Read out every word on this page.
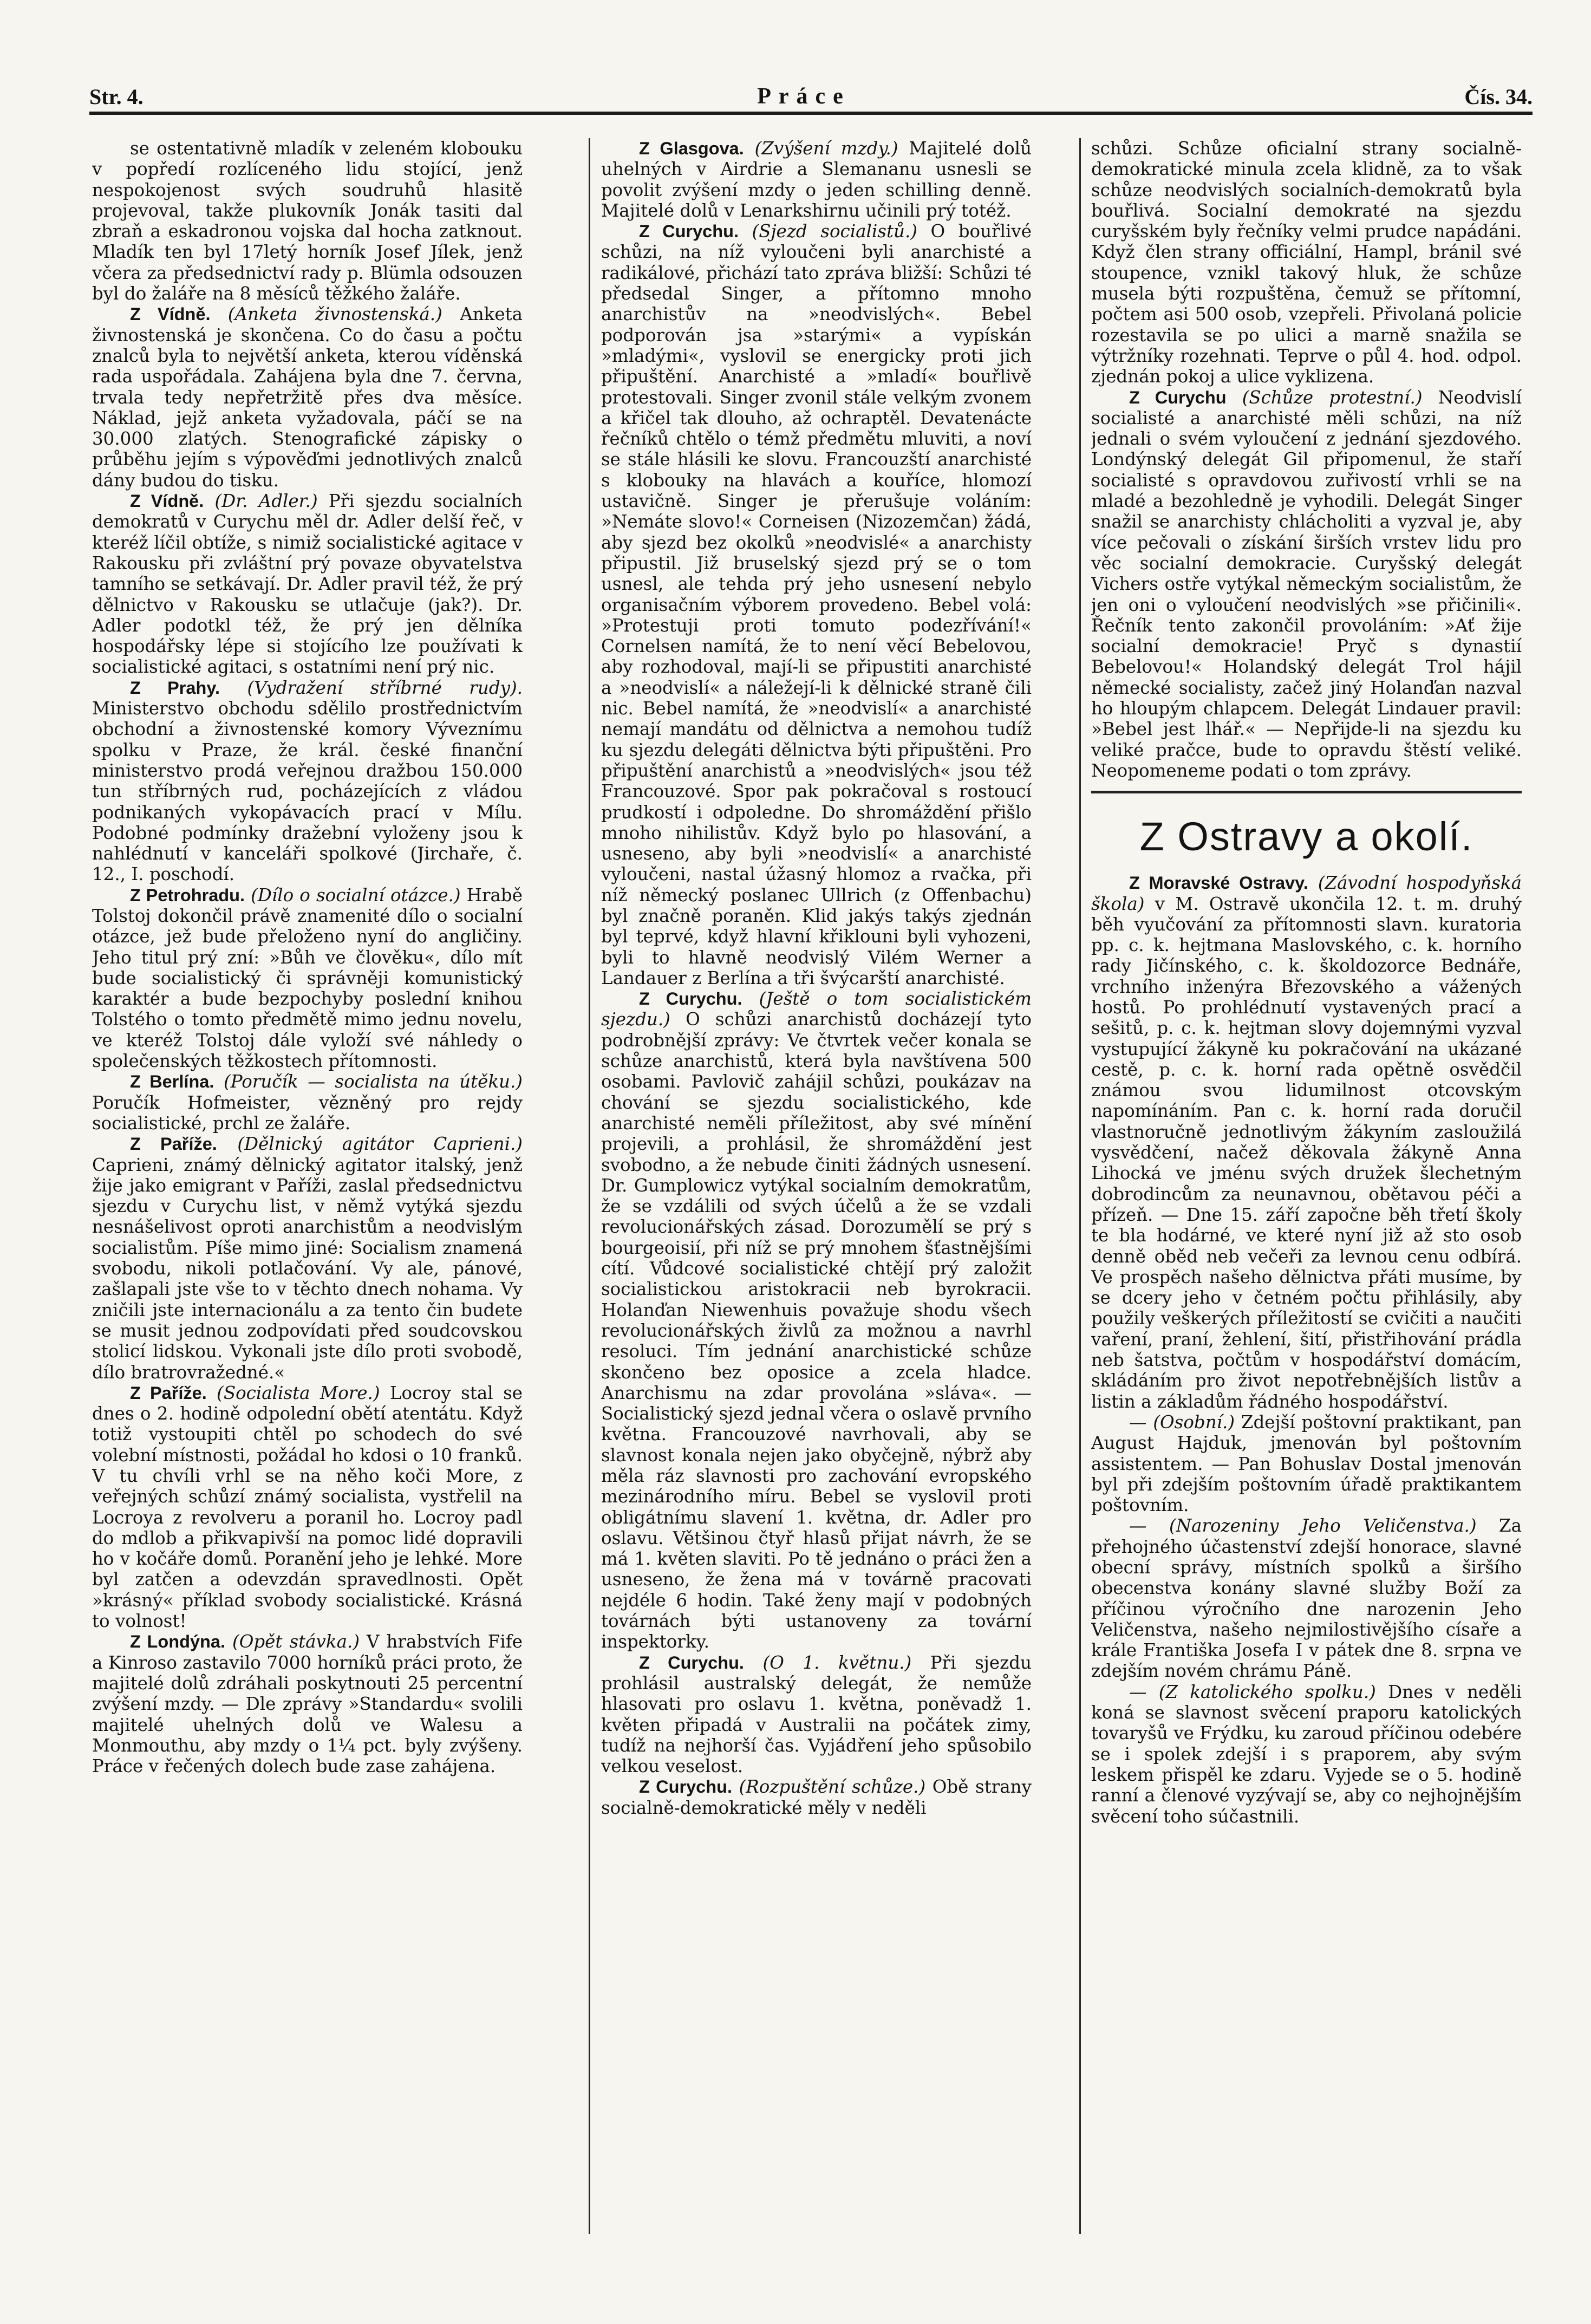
Str. 4.	Práce	Čís. 34.

se ostentativně mladík v zeleném klobouku v popředí rozlíceného lidu stojící, jenž nespokojenost svých soudruhů hlasitě projevoval, takže plukovník Jonák tasiti dal zbraň a eskadronou vojska dal hocha zatknout. Mladík ten byl 17letý horník Josef Jílek, jenž včera za předsednictví rady p. Blümla odsouzen byl do žaláře na 8 měsíců těžkého žaláře.

Z Vídně. (Anketa živnostenská.) Anketa živnostenská je skončena. Co do času a počtu znalců byla to největší anketa, kterou víděnská rada uspořádala. Zahájena byla dne 7. června, trvala tedy nepřetržitě přes dva měsíce. Náklad, jejž anketa vyžadovala, páčí se na 30.000 zlatých. Stenografické zápisky o průběhu jejím s výpověďmi jednotlivých znalců dány budou do tisku.

Z Vídně. (Dr. Adler.) Při sjezdu socialních demokratů v Curychu měl dr. Adler delší řeč, v kteréž líčil obtíže, s nimiž socialistické agitace v Rakousku při zvláštní prý povaze obyvatelstva tamního se setkávají. Dr. Adler pravil též, že prý dělnictvo v Rakousku se utlačuje (jak?). Dr. Adler podotkl též, že prý jen dělníka hospodářsky lépe si stojícího lze používati k socialistické agitaci, s ostatními není prý nic.

Z Prahy. (Vydražení stříbrné rudy). Ministerstvo obchodu sdělilo prostřednictvím obchodní a živnostenské komory Výveznímu spolku v Praze, že král. české finanční ministerstvo prodá veřejnou dražbou 150.000 tun stříbrných rud, pocházejících z vládou podnikaných vykopávacích prací v Mílu. Podobné podmínky dražební vyloženy jsou k nahlédnutí v kanceláři spolkové (Jirchaře, č. 12., I. poschodí.

Z Petrohradu. (Dílo o socialní otázce.) Hrabě Tolstoj dokončil právě znamenité dílo o socialní otázce, jež bude přeloženo nyní do angličiny. Jeho titul prý zní: »Bůh ve člověku«, dílo mít bude socialistický či správněji komunistický karaktér a bude bezpochyby poslední knihou Tolstého o tomto předmětě mimo jednu novelu, ve kteréž Tolstoj dále vyloží své náhledy o společenských těžkostech přítomnosti.

Z Berlína. (Poručík — socialista na útěku.) Poručík Hofmeister, vězněný pro rejdy socialistické, prchl ze žaláře.

Z Paříže. (Dělnický agitátor Caprieni.) Caprieni, známý dělnický agitator italský, jenž žije jako emigrant v Paříži, zaslal předsednictvu sjezdu v Curychu list, v němž vytýká sjezdu nesnášelivost oproti anarchistům a neodvislým socialistům. Píše mimo jiné: Socialism znamená svobodu, nikoli potlačování. Vy ale, pánové, zašlapali jste vše to v těchto dnech nohama. Vy zničili jste internacionálu a za tento čin budete se musit jednou zodpovídati před soudcovskou stolicí lidskou. Vykonali jste dílo proti svobodě, dílo bratrovražedné.«

Z Paříže. (Socialista More.) Locroy stal se dnes o 2. hodině odpolední obětí atentátu. Když totiž vystoupiti chtěl po schodech do své volební místnosti, požádal ho kdosi o 10 franků. V tu chvíli vrhl se na něho koči More, z veřejných schůzí známý socialista, vystřelil na Locroya z revolveru a poranil ho. Locroy padl do mdlob a přikvapivší na pomoc lidé dopravili ho v kočáře domů. Poranění jeho je lehké. More byl zatčen a odevzdán spravedlnosti. Opět »krásný« příklad svobody socialistické. Krásná to volnost!

Z Londýna. (Opět stávka.) V hrabstvích Fife a Kinroso zastavilo 7000 horníků práci proto, že majitelé dolů zdráhali poskytnouti 25 percentní zvýšení mzdy. — Dle zprávy »Standardu« svolili majitelé uhelných dolů ve Walesu a Monmouthu, aby mzdy o 1¼ pct. byly zvýšeny. Práce v řečených dolech bude zase zahájena.

Z Glasgova. (Zvýšení mzdy.) Majitelé dolů uhelných v Airdrie a Slemananu usnesli se povolit zvýšení mzdy o jeden schilling denně. Majitelé dolů v Lenarkshirnu učinili prý totéž.

Z Curychu. (Sjezd socialistů.) O bouřlivé schůzi, na níž vyloučeni byli anarchisté a radikálové, přichází tato zpráva bližší: Schůzi té předsedal Singer, a přítomno mnoho anarchistův na »neodvislých«. Bebel podporován jsa »starými« a vypískán »mladými«, vyslovil se energicky proti jich připuštění. Anarchisté a »mladí« bouřlivě protestovali. Singer zvonil stále velkým zvonem a křičel tak dlouho, až ochraptěl. Devatenácte řečníků chtělo o témž předmětu mluviti, a noví se stále hlásili ke slovu. Francouzští anarchisté s klobouky na hlavách a kouříce, hlomozí ustavičně. Singer je přerušuje voláním: »Nemáte slovo!« Corneisen (Nizozemčan) žádá, aby sjezd bez okolků »neodvislé« a anarchisty připustil. Již bruselský sjezd prý se o tom usnesl, ale tehda prý jeho usnesení nebylo organisačním výborem provedeno. Bebel volá: »Protestuji proti tomuto podezřívání!« Cornelsen namítá, že to není věcí Bebelovou, aby rozhodoval, mají-li se připustiti anarchisté a »neodvislí« a náležejí-li k dělnické straně čili nic. Bebel namítá, že »neodvislí« a anarchisté nemají mandátu od dělnictva a nemohou tudíž ku sjezdu delegáti dělnictva býti připuštěni. Pro připuštění anarchistů a »neodvislých« jsou též Francouzové. Spor pak pokračoval s rostoucí prudkostí i odpoledne. Do shromáždění přišlo mnoho nihilistův. Když bylo po hlasování, a usneseno, aby byli »neodvislí« a anarchisté vyloučeni, nastal úžasný hlomoz a rvačka, při níž německý poslanec Ullrich (z Offenbachu) byl značně poraněn. Klid jakýs takýs zjednán byl teprvé, když hlavní křiklouni byli vyhozeni, byli to hlavně neodvislý Vilém Werner a Landauer z Berlína a tři švýcarští anarchisté.

Z Curychu. (Ještě o tom socialistickém sjezdu.) O schůzi anarchistů docházejí tyto podrobnější zprávy: Ve čtvrtek večer konala se schůze anarchistů, která byla navštívena 500 osobami. Pavlovič zahájil schůzi, poukázav na chování se sjezdu socialistického, kde anarchisté neměli příležitost, aby své mínění projevili, a prohlásil, že shromáždění jest svobodno, a že nebude činiti žádných usnesení. Dr. Gumplowicz vytýkal socialním demokratům, že se vzdálili od svých účelů a že se vzdali revolucionářských zásad. Dorozumělí se prý s bourgeoisií, při níž se prý mnohem šťastnějšími cítí. Vůdcové socialistické chtějí prý založit socialistickou aristokracii neb byrokracii. Holanďan Niewenhuis považuje shodu všech revolucionářských živlů za možnou a navrhl resoluci. Tím jednání anarchistické schůze skončeno bez oposice a zcela hladce. Anarchismu na zdar provolána »sláva«. — Socialistický sjezd jednal včera o oslavě prvního května. Francouzové navrhovali, aby se slavnost konala nejen jako obyčejně, nýbrž aby měla ráz slavnosti pro zachování evropského mezinárodního míru. Bebel se vyslovil proti obligátnímu slavení 1. května, dr. Adler pro oslavu. Většinou čtyř hlasů přijat návrh, že se má 1. květen slaviti. Po tě jednáno o práci žen a usneseno, že žena má v továrně pracovati nejdéle 6 hodin. Také ženy mají v podobných továrnách býti ustanoveny za tovární inspektorky.

Z Curychu. (O 1. květnu.) Při sjezdu prohlásil australský delegát, že nemůže hlasovati pro oslavu 1. května, poněvadž 1. květen připadá v Australii na počátek zimy, tudíž na nejhorší čas. Vyjádření jeho spůsobilo velkou veselost.

Z Curychu. (Rozpuštění schůze.) Obě strany socialně-demokratické měly v neděli

schůzi. Schůze oficialní strany socialně-demokratické minula zcela klidně, za to však schůze neodvislých socialních-demokratů byla bouřlivá. Socialní demokraté na sjezdu curyšském byly řečníky velmi prudce napádáni. Když člen strany officiální, Hampl, bránil své stoupence, vznikl takový hluk, že schůze musela býti rozpuštěna, čemuž se přítomní, počtem asi 500 osob, vzepřeli. Přivolaná policie rozestavila se po ulici a marně snažila se výtržníky rozehnati. Teprve o půl 4. hod. odpol. zjednán pokoj a ulice vyklizena.

Z Curychu (Schůze protestní.) Neodvislí socialisté a anarchisté měli schůzi, na níž jednali o svém vyloučení z jednání sjezdového. Londýnský delegát Gil připomenul, že staří socialisté s opravdovou zuřivostí vrhli se na mladé a bezohledně je vyhodili. Delegát Singer snažil se anarchisty chlácholiti a vyzval je, aby více pečovali o získání širších vrstev lidu pro věc socialní demokracie. Curyšský delegát Vichers ostře vytýkal německým socialistům, že jen oni o vyloučení neodvislých »se přičinili«. Řečník tento zakončil provoláním: »Ať žije socialní demokracie! Pryč s dynastií Bebelovou!« Holandský delegát Trol hájil německé socialisty, začež jiný Holanďan nazval ho hloupým chlapcem. Delegát Lindauer pravil: »Bebel jest lhář.« — Nepřijde-li na sjezdu ku veliké pračce, bude to opravdu štěstí veliké. Neopomeneme podati o tom zprávy.

Z Ostravy a okolí.

Z Moravské Ostravy. (Závodní hospodyňská škola) v M. Ostravě ukončila 12. t. m. druhý běh vyučování za přítomnosti slavn. kuratoria pp. c. k. hejtmana Maslovského, c. k. horního rady Jičínského, c. k. školdozorce Bednáře, vrchního inženýra Březovského a vážených hostů. Po prohlédnutí vystavených prací a sešitů, p. c. k. hejtman slovy dojemnými vyzval vystupující žákyně ku pokračování na ukázané cestě, p. c. k. horní rada opětně osvědčil známou svou lidumilnost otcovským napomínáním. Pan c. k. horní rada doručil vlastnoručně jednotlivým žákyním zasloužilá vysvědčení, načež děkovala žákyně Anna Lihocká ve jménu svých družek šlechetným dobrodincům za neunavnou, obětavou péči a přízeň. — Dne 15. září započne běh třetí školy te bla hodárné, ve které nyní již až sto osob denně oběd neb večeři za levnou cenu odbírá. Ve prospěch našeho dělnictva přáti musíme, by se dcery jeho v četném počtu přihlásily, aby použily veškerých příležitostí se cvičiti a naučiti vaření, praní, žehlení, šití, přistřihování prádla neb šatstva, počtům v hospodářství domácím, skládáním pro život nepotřebnějších listův a listin a základům řádného hospodářství.

— (Osobní.) Zdejší poštovní praktikant, pan August Hajduk, jmenován byl poštovním assistentem. — Pan Bohuslav Dostal jmenován byl při zdejším poštovním úřadě praktikantem poštovním.

— (Narozeniny Jeho Veličenstva.) Za přehojného účastenství zdejší honorace, slavné obecní správy, místních spolků a širšího obecenstva konány slavné služby Boží za příčinou výročního dne narozenin Jeho Veličenstva, našeho nejmilostivějšího císaře a krále Františka Josefa I v pátek dne 8. srpna ve zdejším novém chrámu Páně.

— (Z katolického spolku.) Dnes v neděli koná se slavnost svěcení praporu katolických tovaryšů ve Frýdku, ku zaroud příčinou odebére se i spolek zdejší i s praporem, aby svým leskem přispěl ke zdaru. Vyjede se o 5. hodině ranní a členové vyzývají se, aby co nejhojnějším svěcení toho súčastnili.
